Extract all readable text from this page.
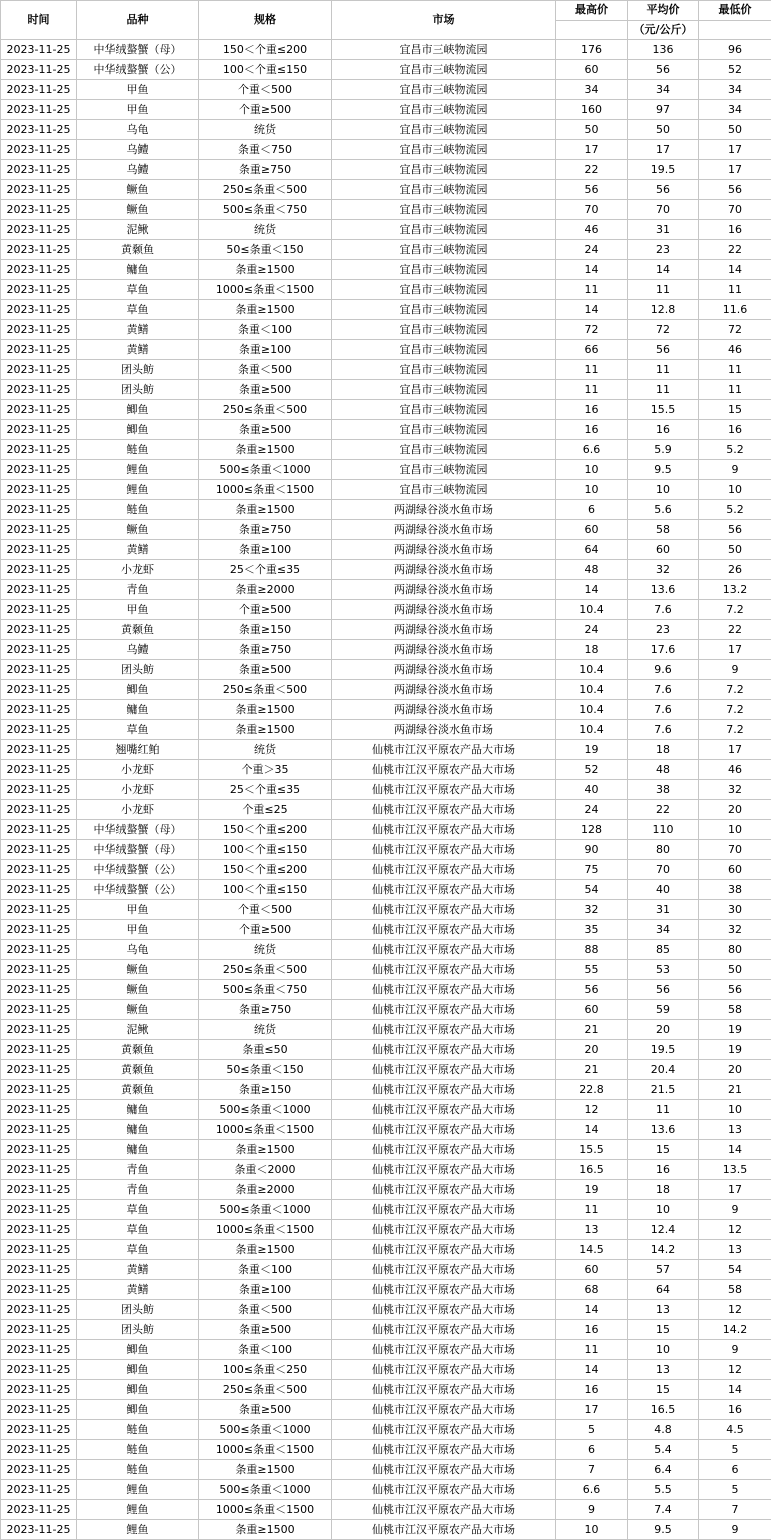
时间	品种	规格	市场	最高价	平均价	最低价
					（元/公斤）	
2023-11-25	中华绒螯蟹（母）	150＜个重≤200	宜昌市三峡物流园	176	136	96
2023-11-25	中华绒螯蟹（公）	100＜个重≤150	宜昌市三峡物流园	60	56	52
2023-11-25	甲鱼	个重＜500	宜昌市三峡物流园	34	34	34
2023-11-25	甲鱼	个重≥500	宜昌市三峡物流园	160	97	34
2023-11-25	乌龟	统货	宜昌市三峡物流园	50	50	50
2023-11-25	乌鳢	条重＜750	宜昌市三峡物流园	17	17	17
2023-11-25	乌鳢	条重≥750	宜昌市三峡物流园	22	19.5	17
2023-11-25	鳜鱼	250≤条重＜500	宜昌市三峡物流园	56	56	56
2023-11-25	鳜鱼	500≤条重＜750	宜昌市三峡物流园	70	70	70
2023-11-25	泥鳅	统货	宜昌市三峡物流园	46	31	16
2023-11-25	黄颡鱼	50≤条重＜150	宜昌市三峡物流园	24	23	22
2023-11-25	鳙鱼	条重≥1500	宜昌市三峡物流园	14	14	14
2023-11-25	草鱼	1000≤条重＜1500	宜昌市三峡物流园	11	11	11
2023-11-25	草鱼	条重≥1500	宜昌市三峡物流园	14	12.8	11.6
2023-11-25	黄鳝	条重＜100	宜昌市三峡物流园	72	72	72
2023-11-25	黄鳝	条重≥100	宜昌市三峡物流园	66	56	46
2023-11-25	团头鲂	条重＜500	宜昌市三峡物流园	11	11	11
2023-11-25	团头鲂	条重≥500	宜昌市三峡物流园	11	11	11
2023-11-25	鲫鱼	250≤条重＜500	宜昌市三峡物流园	16	15.5	15
2023-11-25	鲫鱼	条重≥500	宜昌市三峡物流园	16	16	16
2023-11-25	鲢鱼	条重≥1500	宜昌市三峡物流园	6.6	5.9	5.2
2023-11-25	鲤鱼	500≤条重＜1000	宜昌市三峡物流园	10	9.5	9
2023-11-25	鲤鱼	1000≤条重＜1500	宜昌市三峡物流园	10	10	10
2023-11-25	鲢鱼	条重≥1500	两湖绿谷淡水鱼市场	6	5.6	5.2
2023-11-25	鳜鱼	条重≥750	两湖绿谷淡水鱼市场	60	58	56
2023-11-25	黄鳝	条重≥100	两湖绿谷淡水鱼市场	64	60	50
2023-11-25	小龙虾	25＜个重≤35	两湖绿谷淡水鱼市场	48	32	26
2023-11-25	青鱼	条重≥2000	两湖绿谷淡水鱼市场	14	13.6	13.2
2023-11-25	甲鱼	个重≥500	两湖绿谷淡水鱼市场	10.4	7.6	7.2
2023-11-25	黄颡鱼	条重≥150	两湖绿谷淡水鱼市场	24	23	22
2023-11-25	乌鳢	条重≥750	两湖绿谷淡水鱼市场	18	17.6	17
2023-11-25	团头鲂	条重≥500	两湖绿谷淡水鱼市场	10.4	9.6	9
2023-11-25	鲫鱼	250≤条重＜500	两湖绿谷淡水鱼市场	10.4	7.6	7.2
2023-11-25	鳙鱼	条重≥1500	两湖绿谷淡水鱼市场	10.4	7.6	7.2
2023-11-25	草鱼	条重≥1500	两湖绿谷淡水鱼市场	10.4	7.6	7.2
2023-11-25	翘嘴红鲌	统货	仙桃市江汉平原农产品大市场	19	18	17
2023-11-25	小龙虾	个重＞35	仙桃市江汉平原农产品大市场	52	48	46
2023-11-25	小龙虾	25＜个重≤35	仙桃市江汉平原农产品大市场	40	38	32
2023-11-25	小龙虾	个重≤25	仙桃市江汉平原农产品大市场	24	22	20
2023-11-25	中华绒螯蟹（母）	150＜个重≤200	仙桃市江汉平原农产品大市场	128	110	10
2023-11-25	中华绒螯蟹（母）	100＜个重≤150	仙桃市江汉平原农产品大市场	90	80	70
2023-11-25	中华绒螯蟹（公）	150＜个重≤200	仙桃市江汉平原农产品大市场	75	70	60
2023-11-25	中华绒螯蟹（公）	100＜个重≤150	仙桃市江汉平原农产品大市场	54	40	38
2023-11-25	甲鱼	个重＜500	仙桃市江汉平原农产品大市场	32	31	30
2023-11-25	甲鱼	个重≥500	仙桃市江汉平原农产品大市场	35	34	32
2023-11-25	乌龟	统货	仙桃市江汉平原农产品大市场	88	85	80
2023-11-25	鳜鱼	250≤条重＜500	仙桃市江汉平原农产品大市场	55	53	50
2023-11-25	鳜鱼	500≤条重＜750	仙桃市江汉平原农产品大市场	56	56	56
2023-11-25	鳜鱼	条重≥750	仙桃市江汉平原农产品大市场	60	59	58
2023-11-25	泥鳅	统货	仙桃市江汉平原农产品大市场	21	20	19
2023-11-25	黄颡鱼	条重≤50	仙桃市江汉平原农产品大市场	20	19.5	19
2023-11-25	黄颡鱼	50≤条重＜150	仙桃市江汉平原农产品大市场	21	20.4	20
2023-11-25	黄颡鱼	条重≥150	仙桃市江汉平原农产品大市场	22.8	21.5	21
2023-11-25	鳙鱼	500≤条重＜1000	仙桃市江汉平原农产品大市场	12	11	10
2023-11-25	鳙鱼	1000≤条重＜1500	仙桃市江汉平原农产品大市场	14	13.6	13
2023-11-25	鳙鱼	条重≥1500	仙桃市江汉平原农产品大市场	15.5	15	14
2023-11-25	青鱼	条重＜2000	仙桃市江汉平原农产品大市场	16.5	16	13.5
2023-11-25	青鱼	条重≥2000	仙桃市江汉平原农产品大市场	19	18	17
2023-11-25	草鱼	500≤条重＜1000	仙桃市江汉平原农产品大市场	11	10	9
2023-11-25	草鱼	1000≤条重＜1500	仙桃市江汉平原农产品大市场	13	12.4	12
2023-11-25	草鱼	条重≥1500	仙桃市江汉平原农产品大市场	14.5	14.2	13
2023-11-25	黄鳝	条重＜100	仙桃市江汉平原农产品大市场	60	57	54
2023-11-25	黄鳝	条重≥100	仙桃市江汉平原农产品大市场	68	64	58
2023-11-25	团头鲂	条重＜500	仙桃市江汉平原农产品大市场	14	13	12
2023-11-25	团头鲂	条重≥500	仙桃市江汉平原农产品大市场	16	15	14.2
2023-11-25	鲫鱼	条重＜100	仙桃市江汉平原农产品大市场	11	10	9
2023-11-25	鲫鱼	100≤条重＜250	仙桃市江汉平原农产品大市场	14	13	12
2023-11-25	鲫鱼	250≤条重＜500	仙桃市江汉平原农产品大市场	16	15	14
2023-11-25	鲫鱼	条重≥500	仙桃市江汉平原农产品大市场	17	16.5	16
2023-11-25	鲢鱼	500≤条重＜1000	仙桃市江汉平原农产品大市场	5	4.8	4.5
2023-11-25	鲢鱼	1000≤条重＜1500	仙桃市江汉平原农产品大市场	6	5.4	5
2023-11-25	鲢鱼	条重≥1500	仙桃市江汉平原农产品大市场	7	6.4	6
2023-11-25	鲤鱼	500≤条重＜1000	仙桃市江汉平原农产品大市场	6.6	5.5	5
2023-11-25	鲤鱼	1000≤条重＜1500	仙桃市江汉平原农产品大市场	9	7.4	7
2023-11-25	鲤鱼	条重≥1500	仙桃市江汉平原农产品大市场	10	9.5	9
